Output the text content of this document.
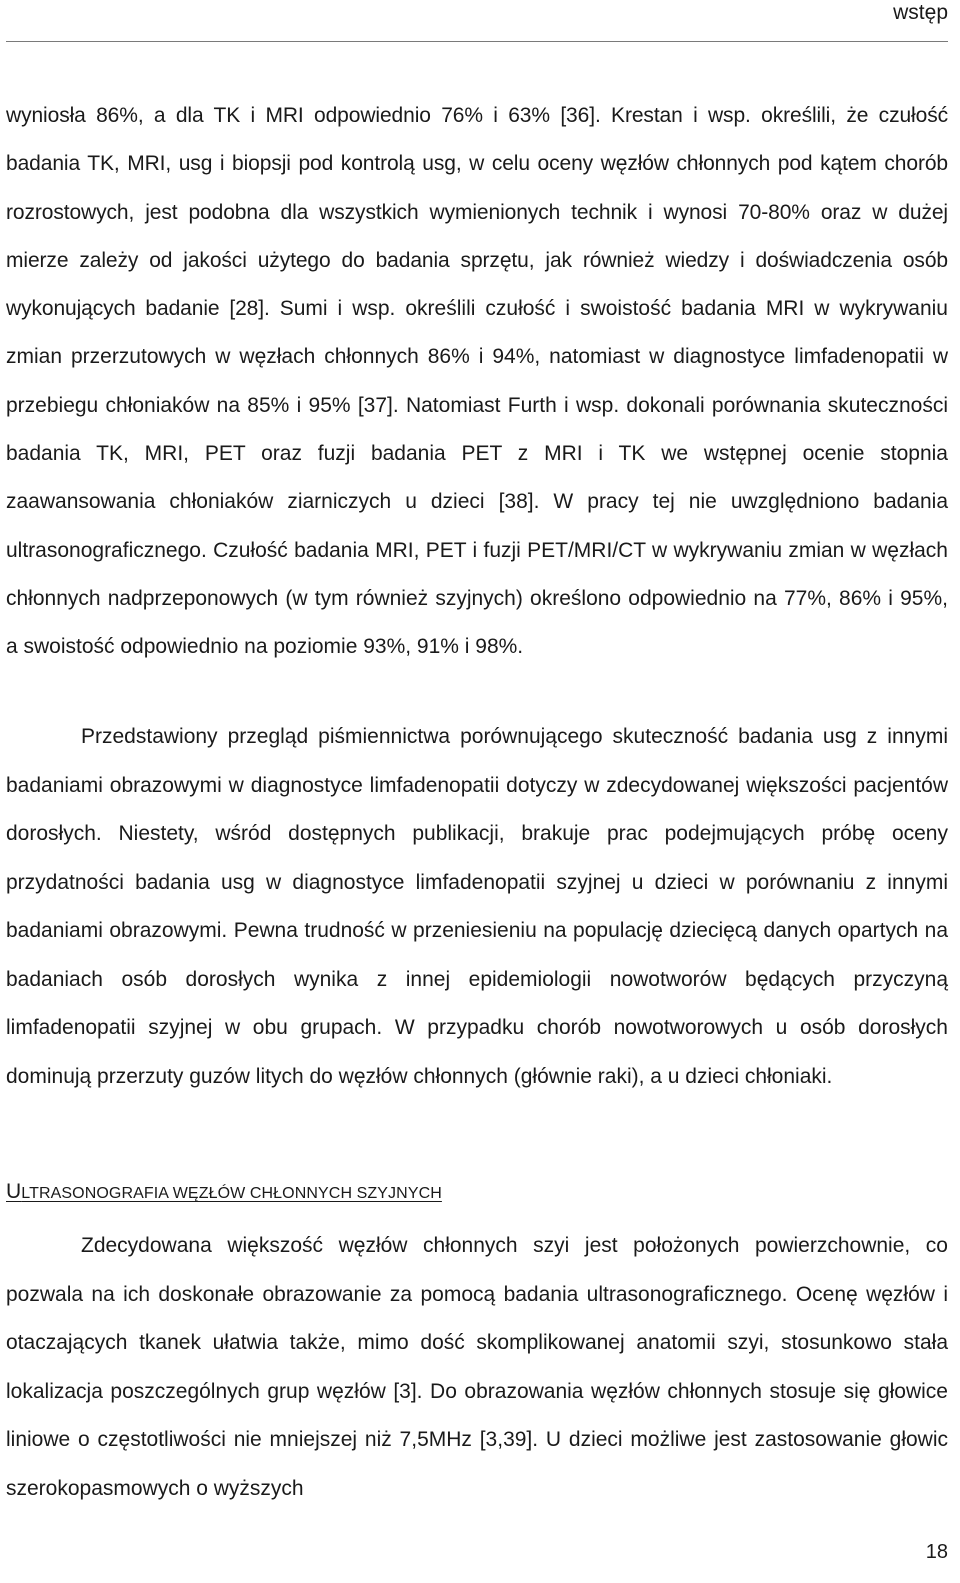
wstęp
wyniosła 86%, a dla TK i MRI odpowiednio 76% i 63% [36]. Krestan i wsp. określili, że czułość badania TK, MRI, usg i biopsji pod kontrolą usg, w celu oceny węzłów chłonnych pod kątem chorób rozrostowych, jest podobna dla wszystkich wymienionych technik i wynosi 70-80% oraz w dużej mierze zależy od jakości użytego do badania sprzętu, jak również wiedzy i doświadczenia osób wykonujących badanie [28]. Sumi i wsp. określili czułość i swoistość badania MRI w wykrywaniu zmian przerzutowych w węzłach chłonnych 86% i 94%, natomiast w diagnostyce limfadenopatii w przebiegu chłoniaków na 85% i 95% [37]. Natomiast Furth i wsp. dokonali porównania skuteczności badania TK, MRI, PET oraz fuzji badania PET z MRI i TK we wstępnej ocenie stopnia zaawansowania chłoniaków ziarniczych u dzieci [38]. W pracy tej nie uwzględniono badania ultrasonograficznego. Czułość badania MRI, PET i fuzji PET/MRI/CT w wykrywaniu zmian w węzłach chłonnych nadprzeponowych (w tym również szyjnych) określono odpowiednio na 77%, 86% i 95%, a swoistość odpowiednio na poziomie 93%, 91% i 98%.
Przedstawiony przegląd piśmiennictwa porównującego skuteczność badania usg z innymi badaniami obrazowymi w diagnostyce limfadenopatii dotyczy w zdecydowanej większości pacjentów dorosłych. Niestety, wśród dostępnych publikacji, brakuje prac podejmujących próbę oceny przydatności badania usg w diagnostyce limfadenopatii szyjnej u dzieci w porównaniu z innymi badaniami obrazowymi. Pewna trudność w przeniesieniu na populację dziecięcą danych opartych na badaniach osób dorosłych wynika z innej epidemiologii nowotworów będących przyczyną limfadenopatii szyjnej w obu grupach. W przypadku chorób nowotworowych u osób dorosłych dominują przerzuty guzów litych do węzłów chłonnych (głównie raki), a u dzieci chłoniaki.
ULTRASONOGRAFIA WĘZŁÓW CHŁONNYCH SZYJNYCH
Zdecydowana większość węzłów chłonnych szyi jest położonych powierzchownie, co pozwala na ich doskonałe obrazowanie za pomocą badania ultrasonograficznego. Ocenę węzłów i otaczających tkanek ułatwia także, mimo dość skomplikowanej anatomii szyi, stosunkowo stała lokalizacja poszczególnych grup węzłów [3]. Do obrazowania węzłów chłonnych stosuje się głowice liniowe o częstotliwości nie mniejszej niż 7,5MHz [3,39]. U dzieci możliwe jest zastosowanie głowic szerokopasmowych o wyższych
18
